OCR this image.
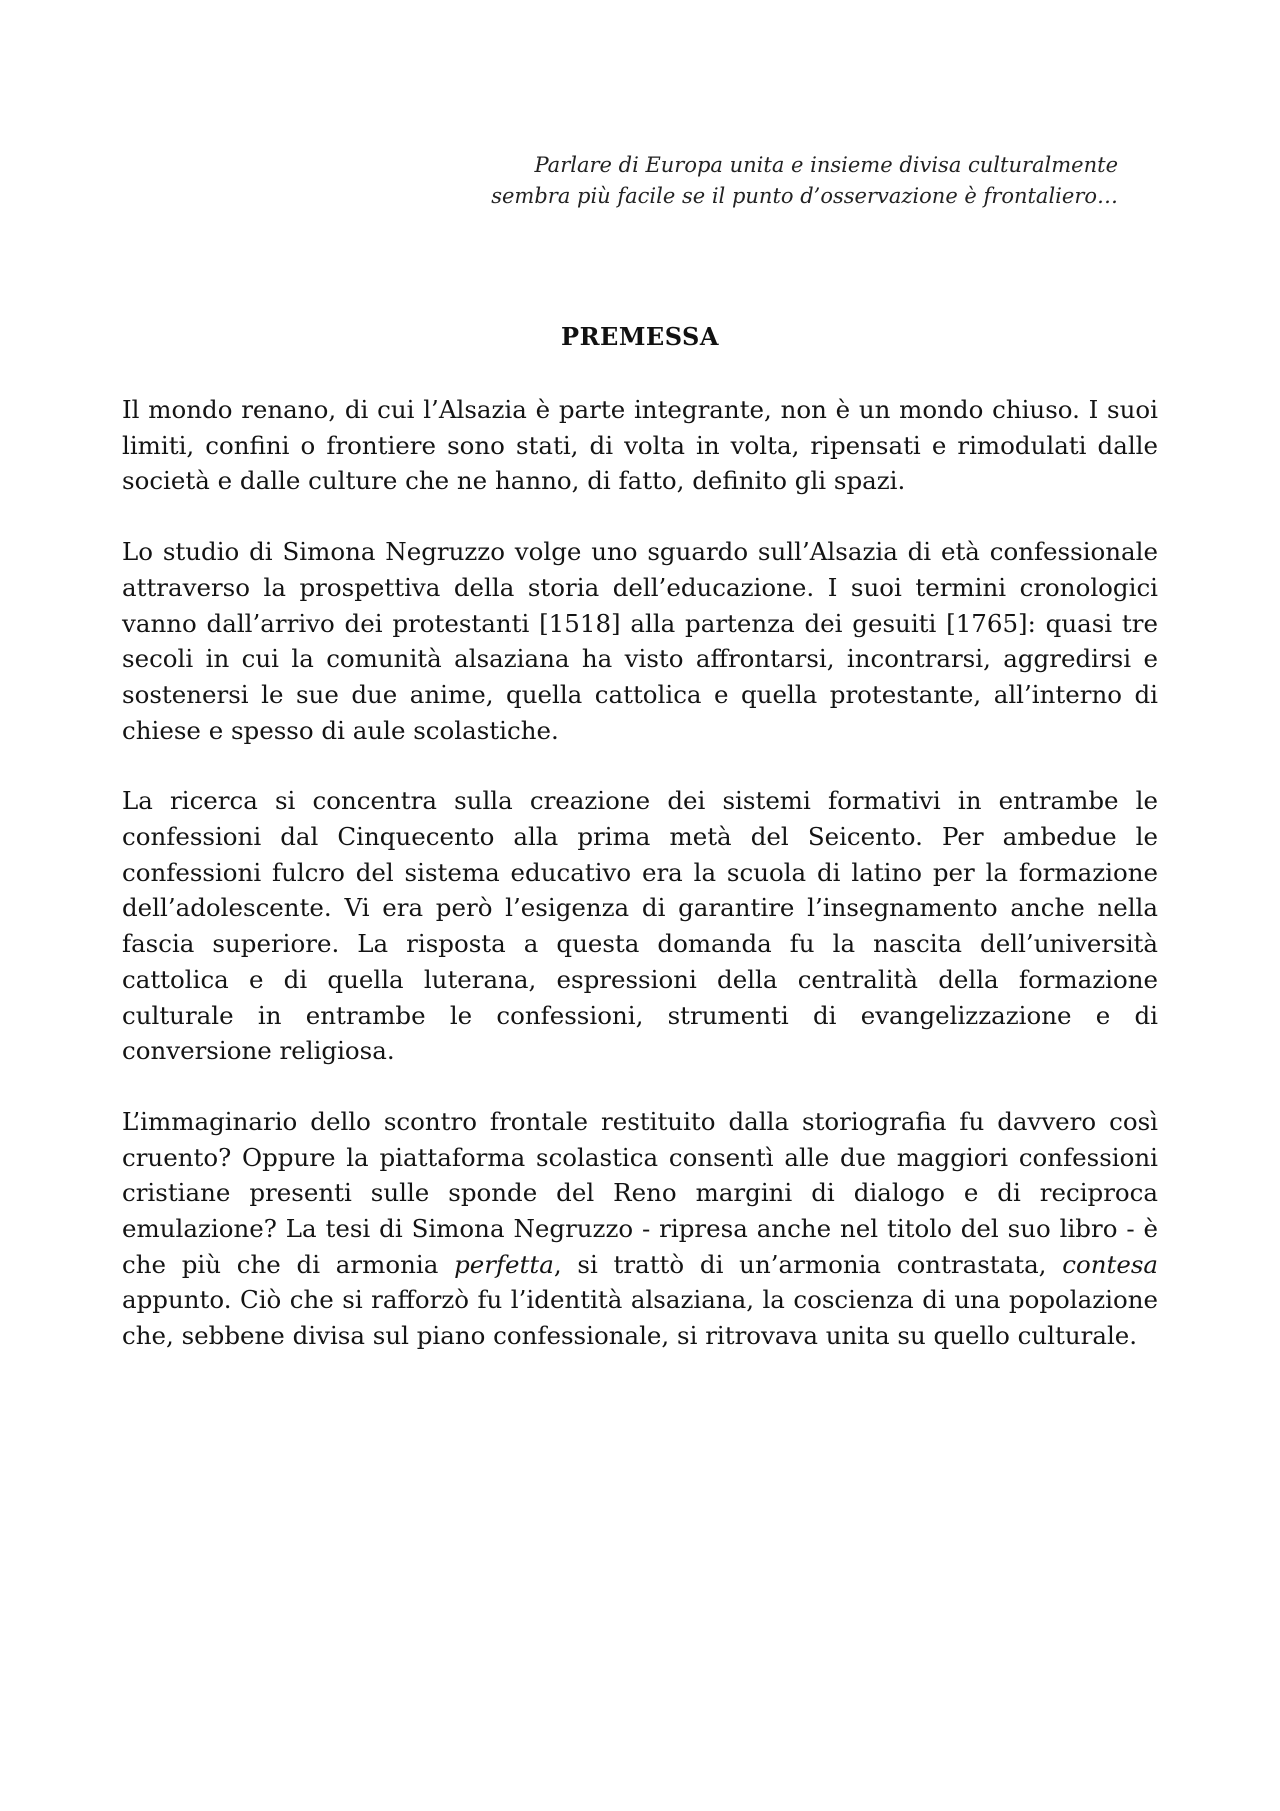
Parlare di Europa unita e insieme divisa culturalmente
sembra più facile se il punto d’osservazione è frontaliero…
PREMESSA

Il mondo renano, di cui l’Alsazia è parte integrante, non è un mondo chiuso. I suoi limiti, confini o frontiere sono stati, di volta in volta, ripensati e rimodulati dalle società e dalle culture che ne hanno, di fatto, definito gli spazi.

Lo studio di Simona Negruzzo volge uno sguardo sull’Alsazia di età confessionale attraverso la prospettiva della storia dell’educazione. I suoi termini cronologici vanno dall’arrivo dei protestanti [1518] alla partenza dei gesuiti [1765]: quasi tre secoli in cui la comunità alsaziana ha visto affrontarsi, incontrarsi, aggredirsi e sostenersi le sue due anime, quella cattolica e quella protestante, all’interno di chiese e spesso di aule scolastiche.

La ricerca si concentra sulla creazione dei sistemi formativi in entrambe le confessioni dal Cinquecento alla prima metà del Seicento. Per ambedue le confessioni fulcro del sistema educativo era la scuola di latino per la formazione dell’adolescente. Vi era però l’esigenza di garantire l’insegnamento anche nella fascia superiore. La risposta a questa domanda fu la nascita dell’università cattolica e di quella luterana, espressioni della centralità della formazione culturale in entrambe le confessioni, strumenti di evangelizzazione e di conversione religiosa.

L’immaginario dello scontro frontale restituito dalla storiografia fu davvero così cruento? Oppure la piattaforma scolastica consentì alle due maggiori confessioni cristiane presenti sulle sponde del Reno margini di dialogo e di reciproca emulazione? La tesi di Simona Negruzzo - ripresa anche nel titolo del suo libro - è che più che di armonia perfetta, si trattò di un’armonia contrastata, contesa appunto. Ciò che si rafforzò fu l’identità alsaziana, la coscienza di una popolazione che, sebbene divisa sul piano confessionale, si ritrovava unita su quello culturale.
